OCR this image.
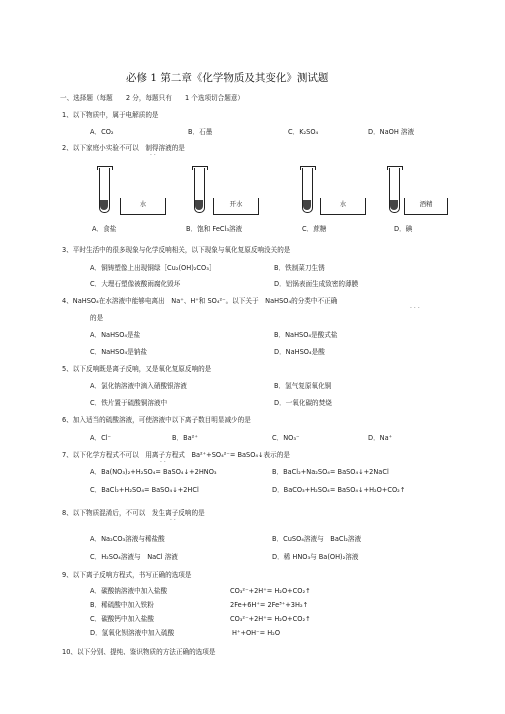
必修 1 第二章《化学物质及其变化》测试题
一、选择题（每题　　2 分，每题只有　　1 个选项切合题意）
1、以下物质中，属于电解质的是
A．CO₂	B．石墨	C．K₂SO₄	D．NaOH 溶液
2、以下家庭小实验不可以　制得溶液的是
··
水	开水	水	酒精
A．食盐	B．饱和 FeCl₃溶液	C．蔗糖	D．碘
3、平时生活中的很多现象与化学反响相关，以下现象与氧化复原反响没关的是
A．铜铸塑像上出现铜绿［Cu₂(OH)₂CO₃］	B．铁制菜刀生锈
C．大理石塑像被酸雨腐化毁坏	D．铝锅表面生成致密的薄膜
4、NaHSO₄在水溶液中能够电离出　Na⁺、H⁺和 SO₄²⁻。以下关于　NaHSO₄的分类中不正确
···
的是
A．NaHSO₄是盐	B．NaHSO₄是酸式盐
C．NaHSO₄是钠盐	D．NaHSO₄是酸
5、以下反响既是离子反响，又是氧化复原反响的是
A．氯化钠溶液中滴入硝酸银溶液	B．氢气复原氧化铜
C．铁片置于硫酸铜溶液中	D．一氧化碳的焚烧
6、加入适当的硫酸溶液，可使溶液中以下离子数目明显减少的是
A．Cl⁻	B．Ba²⁺	C．NO₃⁻	D．Na⁺
7、以下化学方程式不可以　用离子方程式　Ba²⁺+SO₄²⁻= BaSO₄↓表示的是
··
A．Ba(NO₃)₂+H₂SO₄= BaSO₄↓+2HNO₃	B．BaCl₂+Na₂SO₄= BaSO₄↓+2NaCl
C．BaCl₂+H₂SO₄= BaSO₄↓+2HCl	D．BaCO₃+H₂SO₄= BaSO₄↓+H₂O+CO₂↑
8、以下物质混淆后，不可以　发生离子反响的是
··
A．Na₂CO₃溶液与稀盐酸	B．CuSO₄溶液与　BaCl₂溶液
C．H₂SO₄溶液与　NaCl 溶液	D．稀 HNO₃与 Ba(OH)₂溶液
9、以下离子反响方程式，书写正确的选项是
A．碳酸钠溶液中加入盐酸	CO₃²⁻+2H⁺= H₂O+CO₂↑
B．稀硫酸中加入铁粉	2Fe+6H⁺= 2Fe³⁺+3H₂↑
C．碳酸钙中加入盐酸	CO₃²⁻+2H⁺= H₂O+CO₂↑
D．氢氧化钡溶液中加入硫酸	H⁺+OH⁻= H₂O
10、以下分别、提纯、鉴识物质的方法正确的选项是
